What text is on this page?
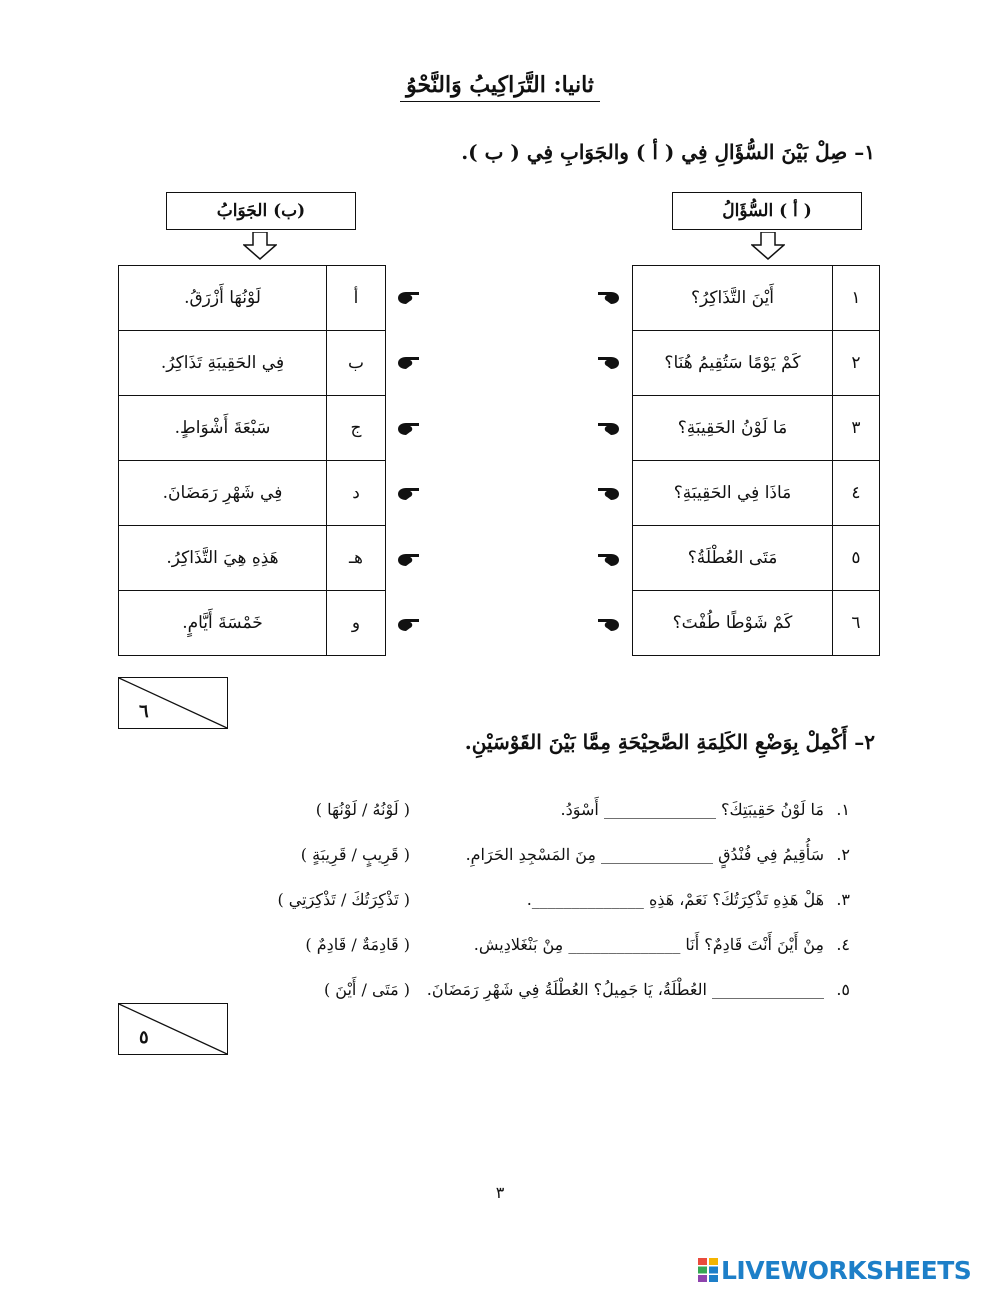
ثانيا: التَّرَاكِيبُ وَالنَّحْوُ
١– صِلْ بَيْنَ السُّؤَالِ فِي ( أ ) والجَوَابِ فِي ( ب ).
( أ ) السُّؤَالُ
(ب) الجَوَابُ
أَيْنَ التَّذَاكِرُ؟	١
كَمْ يَوْمًا سَتُقِيمُ هُنَا؟	٢
مَا لَوْنُ الحَقِيبَةِ؟	٣
مَاذَا فِي الحَقِيبَةِ؟	٤
مَتَى العُطْلَةُ؟	٥
كَمْ شَوْطًا طُفْتَ؟	٦
لَوْنُهَا أَزْرَقُ.	أ
فِي الحَقِيبَةِ تَذَاكِرُ.	ب
سَبْعَةَ أَشْوَاطٍ.	ج
فِي شَهْرِ رَمَضَانَ.	د
هَذِهِ هِيَ التَّذَاكِرُ.	هـ
خَمْسَةَ أَيَّامٍ.	و
٦
٢– أَكْمِلْ بِوَضْعِ الكَلِمَةِ الصَّحِيْحَةِ مِمَّا بَيْنَ القَوْسَيْنِ.
١.مَا لَوْنُ حَقِيبَتِكَ؟ ______________ أَسْوَدُ.
( لَوْنُهُ / لَوْنُهَا )
٢.سَأُقِيمُ فِي فُنْدُقٍ ______________ مِنَ المَسْجِدِ الحَرَامِ.
( قَرِيبٍ / قَرِيبَةٍ )
٣.هَلْ هَذِهِ تَذْكِرَتُكَ؟ نَعَمْ، هَذِهِ ______________.
( تَذْكِرَتُكَ / تَذْكِرَتِي )
٤.مِنْ أَيْنَ أَنْتَ قَادِمٌ؟ أَنَا ______________ مِنْ بَنْغَلادِيش.
( قَادِمَةٌ / قَادِمٌ )
٥.______________ العُطْلَةُ، يَا جَمِيلُ؟ العُطْلَةُ فِي شَهْرِ رَمَضَانَ.
( مَتَى / أَيْنَ )
٥
٣
LIVEWORKSHEETS
